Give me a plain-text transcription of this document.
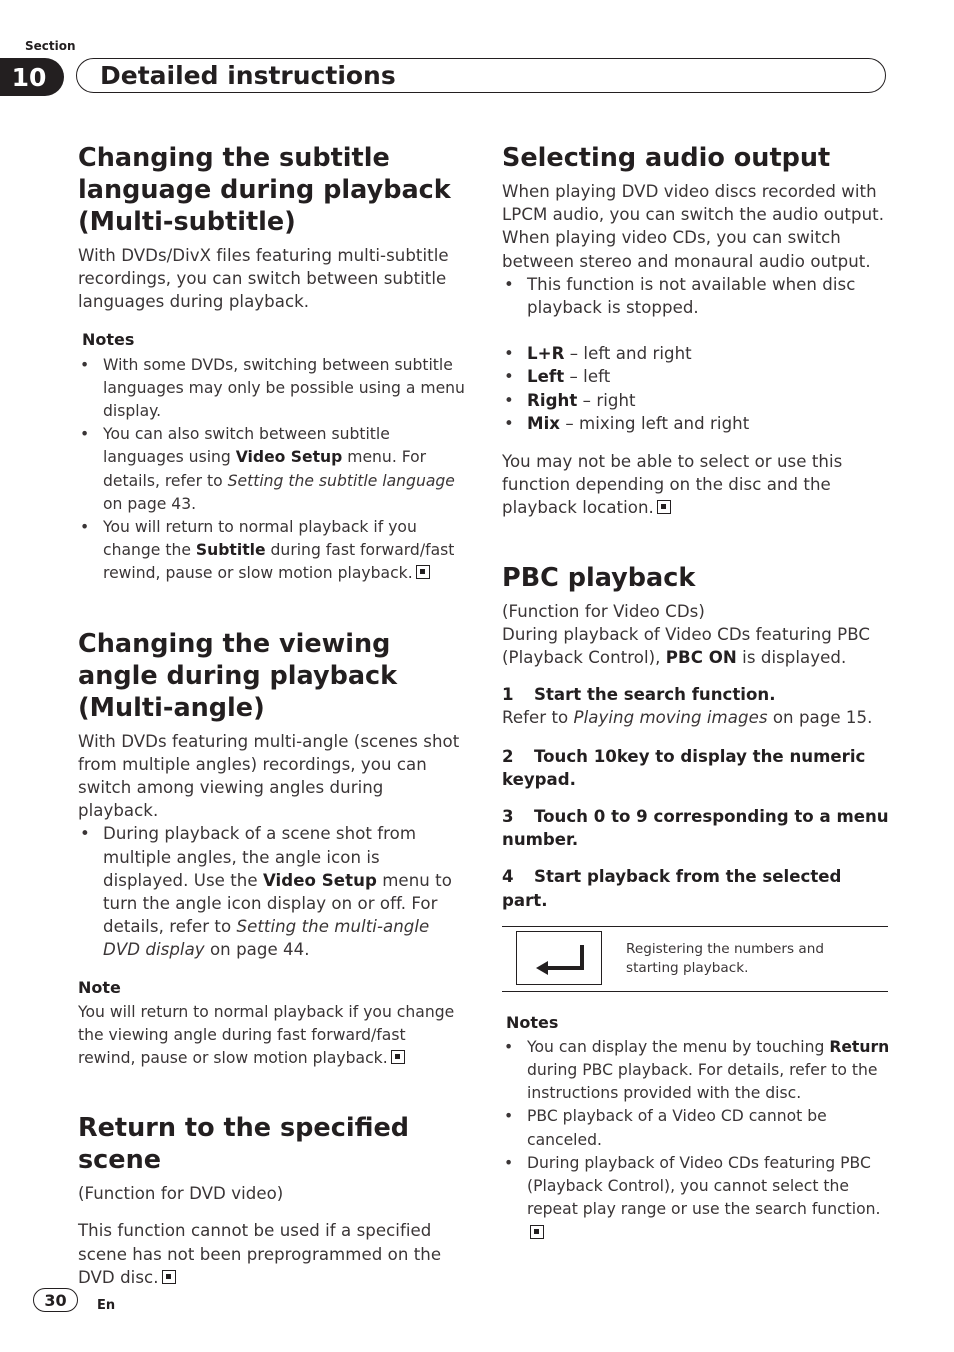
Section
10	Detailed instructions
Changing the subtitle language during playback (Multi-subtitle)

With DVDs/DivX files featuring multi-subtitle recordings, you can switch between subtitle languages during playback.

Notes
• With some DVDs, switching between subtitle languages may only be possible using a menu display.
• You can also switch between subtitle languages using Video Setup menu. For details, refer to Setting the subtitle language on page 43.
• You will return to normal playback if you change the Subtitle during fast forward/fast rewind, pause or slow motion playback.
Changing the viewing angle during playback (Multi-angle)

With DVDs featuring multi-angle (scenes shot from multiple angles) recordings, you can switch among viewing angles during playback.

• During playback of a scene shot from multiple angles, the angle icon is displayed. Use the Video Setup menu to turn the angle icon display on or off. For details, refer to Setting the multi-angle DVD display on page 44.
Note

You will return to normal playback if you change the viewing angle during fast forward/fast rewind, pause or slow motion playback.

Return to the specified scene

(Function for DVD video)

This function cannot be used if a specified scene has not been preprogrammed on the DVD disc.

Selecting audio output

When playing DVD video discs recorded with LPCM audio, you can switch the audio output. When playing video CDs, you can switch between stereo and monaural audio output.

• This function is not available when disc playback is stopped.
• L+R – left and right
• Left – left
• Right – right
• Mix – mixing left and right

You may not be able to select or use this function depending on the disc and the playback location.

PBC playback

(Function for Video CDs)

During playback of Video CDs featuring PBC (Playback Control), PBC ON is displayed.

1 Start the search function.

Refer to Playing moving images on page 15.

2 Touch 10key to display the numeric keypad.
3 Touch 0 to 9 corresponding to a menu number.
4 Start playback from the selected part.
Registering the numbers and starting playback.
Notes
• You can display the menu by touching Return during PBC playback. For details, refer to the instructions provided with the disc.
• PBC playback of a Video CD cannot be canceled.
• During playback of Video CDs featuring PBC (Playback Control), you cannot select the repeat play range or use the search function.
30	En
